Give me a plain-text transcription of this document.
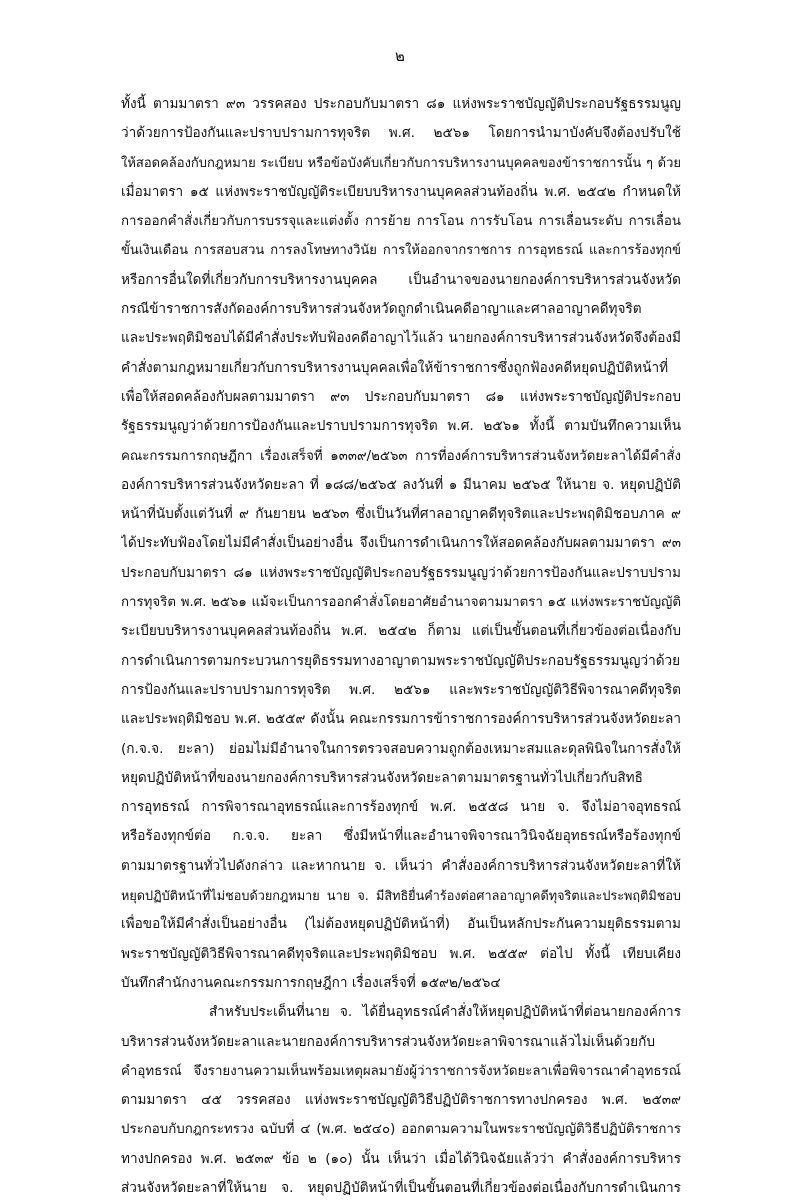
๒
ทั้งนี้ ตามมาตรา ๙๓ วรรคสอง ประกอบกับมาตรา ๘๑ แห่งพระราชบัญญัติประกอบรัฐธรรมนูญ
ว่าด้วยการป้องกันและปราบปรามการทุจริต พ.ศ. ๒๕๖๑ โดยการนำมาบังคับจึงต้องปรับใช้
ให้สอดคล้องกับกฎหมาย ระเบียบ หรือข้อบังคับเกี่ยวกับการบริหารงานบุคคลของข้าราชการนั้น ๆ ด้วย
เมื่อมาตรา ๑๕ แห่งพระราชบัญญัติระเบียบบริหารงานบุคคลส่วนท้องถิ่น พ.ศ. ๒๕๔๒ กำหนดให้
การออกคำสั่งเกี่ยวกับการบรรจุและแต่งตั้ง การย้าย การโอน การรับโอน การเลื่อนระดับ การเลื่อน
ขั้นเงินเดือน การสอบสวน การลงโทษทางวินัย การให้ออกจากราชการ การอุทธรณ์ และการร้องทุกข์
หรือการอื่นใดที่เกี่ยวกับการบริหารงานบุคคล เป็นอำนาจของนายกองค์การบริหารส่วนจังหวัด
กรณีข้าราชการสังกัดองค์การบริหารส่วนจังหวัดถูกดำเนินคดีอาญาและศาลอาญาคดีทุจริต
และประพฤติมิชอบได้มีคำสั่งประทับฟ้องคดีอาญาไว้แล้ว นายกองค์การบริหารส่วนจังหวัดจึงต้องมี
คำสั่งตามกฎหมายเกี่ยวกับการบริหารงานบุคคลเพื่อให้ข้าราชการซึ่งถูกฟ้องคดีหยุดปฏิบัติหน้าที่
เพื่อให้สอดคล้องกับผลตามมาตรา ๙๓ ประกอบกับมาตรา ๘๑ แห่งพระราชบัญญัติประกอบ
รัฐธรรมนูญว่าด้วยการป้องกันและปราบปรามการทุจริต พ.ศ. ๒๕๖๑ ทั้งนี้ ตามบันทึกความเห็น
คณะกรรมการกฤษฎีกา เรื่องเสร็จที่ ๑๓๓๙/๒๕๖๓ การที่องค์การบริหารส่วนจังหวัดยะลาได้มีคำสั่ง
องค์การบริหารส่วนจังหวัดยะลา ที่ ๑๘๘/๒๕๖๕ ลงวันที่ ๑ มีนาคม ๒๕๖๕ ให้นาย จ. หยุดปฏิบัติ
หน้าที่นับตั้งแต่วันที่ ๙ กันยายน ๒๕๖๓ ซึ่งเป็นวันที่ศาลอาญาคดีทุจริตและประพฤติมิชอบภาค ๙
ได้ประทับฟ้องโดยไม่มีคำสั่งเป็นอย่างอื่น จึงเป็นการดำเนินการให้สอดคล้องกับผลตามมาตรา ๙๓
ประกอบกับมาตรา ๘๑ แห่งพระราชบัญญัติประกอบรัฐธรรมนูญว่าด้วยการป้องกันและปราบปราม
การทุจริต พ.ศ. ๒๕๖๑ แม้จะเป็นการออกคำสั่งโดยอาศัยอำนาจตามมาตรา ๑๕ แห่งพระราชบัญญัติ
ระเบียบบริหารงานบุคคลส่วนท้องถิ่น พ.ศ. ๒๕๔๒ ก็ตาม แต่เป็นขั้นตอนที่เกี่ยวข้องต่อเนื่องกับ
การดำเนินการตามกระบวนการยุติธรรมทางอาญาตามพระราชบัญญัติประกอบรัฐธรรมนูญว่าด้วย
การป้องกันและปราบปรามการทุจริต พ.ศ. ๒๕๖๑ และพระราชบัญญัติวิธีพิจารณาคดีทุจริต
และประพฤติมิชอบ พ.ศ. ๒๕๕๙ ดังนั้น คณะกรรมการข้าราชการองค์การบริหารส่วนจังหวัดยะลา
(ก.จ.จ. ยะลา) ย่อมไม่มีอำนาจในการตรวจสอบความถูกต้องเหมาะสมและดุลพินิจในการสั่งให้
หยุดปฏิบัติหน้าที่ของนายกองค์การบริหารส่วนจังหวัดยะลาตามมาตรฐานทั่วไปเกี่ยวกับสิทธิ
การอุทธรณ์ การพิจารณาอุทธรณ์และการร้องทุกข์ พ.ศ. ๒๕๕๘ นาย จ. จึงไม่อาจอุทธรณ์
หรือร้องทุกข์ต่อ ก.จ.จ. ยะลา ซึ่งมีหน้าที่และอำนาจพิจารณาวินิจฉัยอุทธรณ์หรือร้องทุกข์
ตามมาตรฐานทั่วไปดังกล่าว และหากนาย จ. เห็นว่า คำสั่งองค์การบริหารส่วนจังหวัดยะลาที่ให้
หยุดปฏิบัติหน้าที่ไม่ชอบด้วยกฎหมาย นาย จ. มีสิทธิยื่นคำร้องต่อศาลอาญาคดีทุจริตและประพฤติมิชอบ
เพื่อขอให้มีคำสั่งเป็นอย่างอื่น (ไม่ต้องหยุดปฏิบัติหน้าที่) อันเป็นหลักประกันความยุติธรรมตาม
พระราชบัญญัติวิธีพิจารณาคดีทุจริตและประพฤติมิชอบ พ.ศ. ๒๕๕๙ ต่อไป ทั้งนี้ เทียบเคียง
บันทึกสำนักงานคณะกรรมการกฤษฎีกา เรื่องเสร็จที่ ๑๕๙๒/๒๕๖๔
สำหรับประเด็นที่นาย จ. ได้ยื่นอุทธรณ์คำสั่งให้หยุดปฏิบัติหน้าที่ต่อนายกองค์การ
บริหารส่วนจังหวัดยะลาและนายกองค์การบริหารส่วนจังหวัดยะลาพิจารณาแล้วไม่เห็นด้วยกับ
คำอุทธรณ์ จึงรายงานความเห็นพร้อมเหตุผลมายังผู้ว่าราชการจังหวัดยะลาเพื่อพิจารณาคำอุทธรณ์
ตามมาตรา ๔๕ วรรคสอง แห่งพระราชบัญญัติวิธีปฏิบัติราชการทางปกครอง พ.ศ. ๒๕๓๙
ประกอบกับกฎกระทรวง ฉบับที่ ๔ (พ.ศ. ๒๕๔๐) ออกตามความในพระราชบัญญัติวิธีปฏิบัติราชการ
ทางปกครอง พ.ศ. ๒๕๓๙ ข้อ ๒ (๑๐) นั้น เห็นว่า เมื่อได้วินิจฉัยแล้วว่า คำสั่งองค์การบริหาร
ส่วนจังหวัดยะลาที่ให้นาย จ. หยุดปฏิบัติหน้าที่เป็นขั้นตอนที่เกี่ยวข้องต่อเนื่องกับการดำเนินการ
